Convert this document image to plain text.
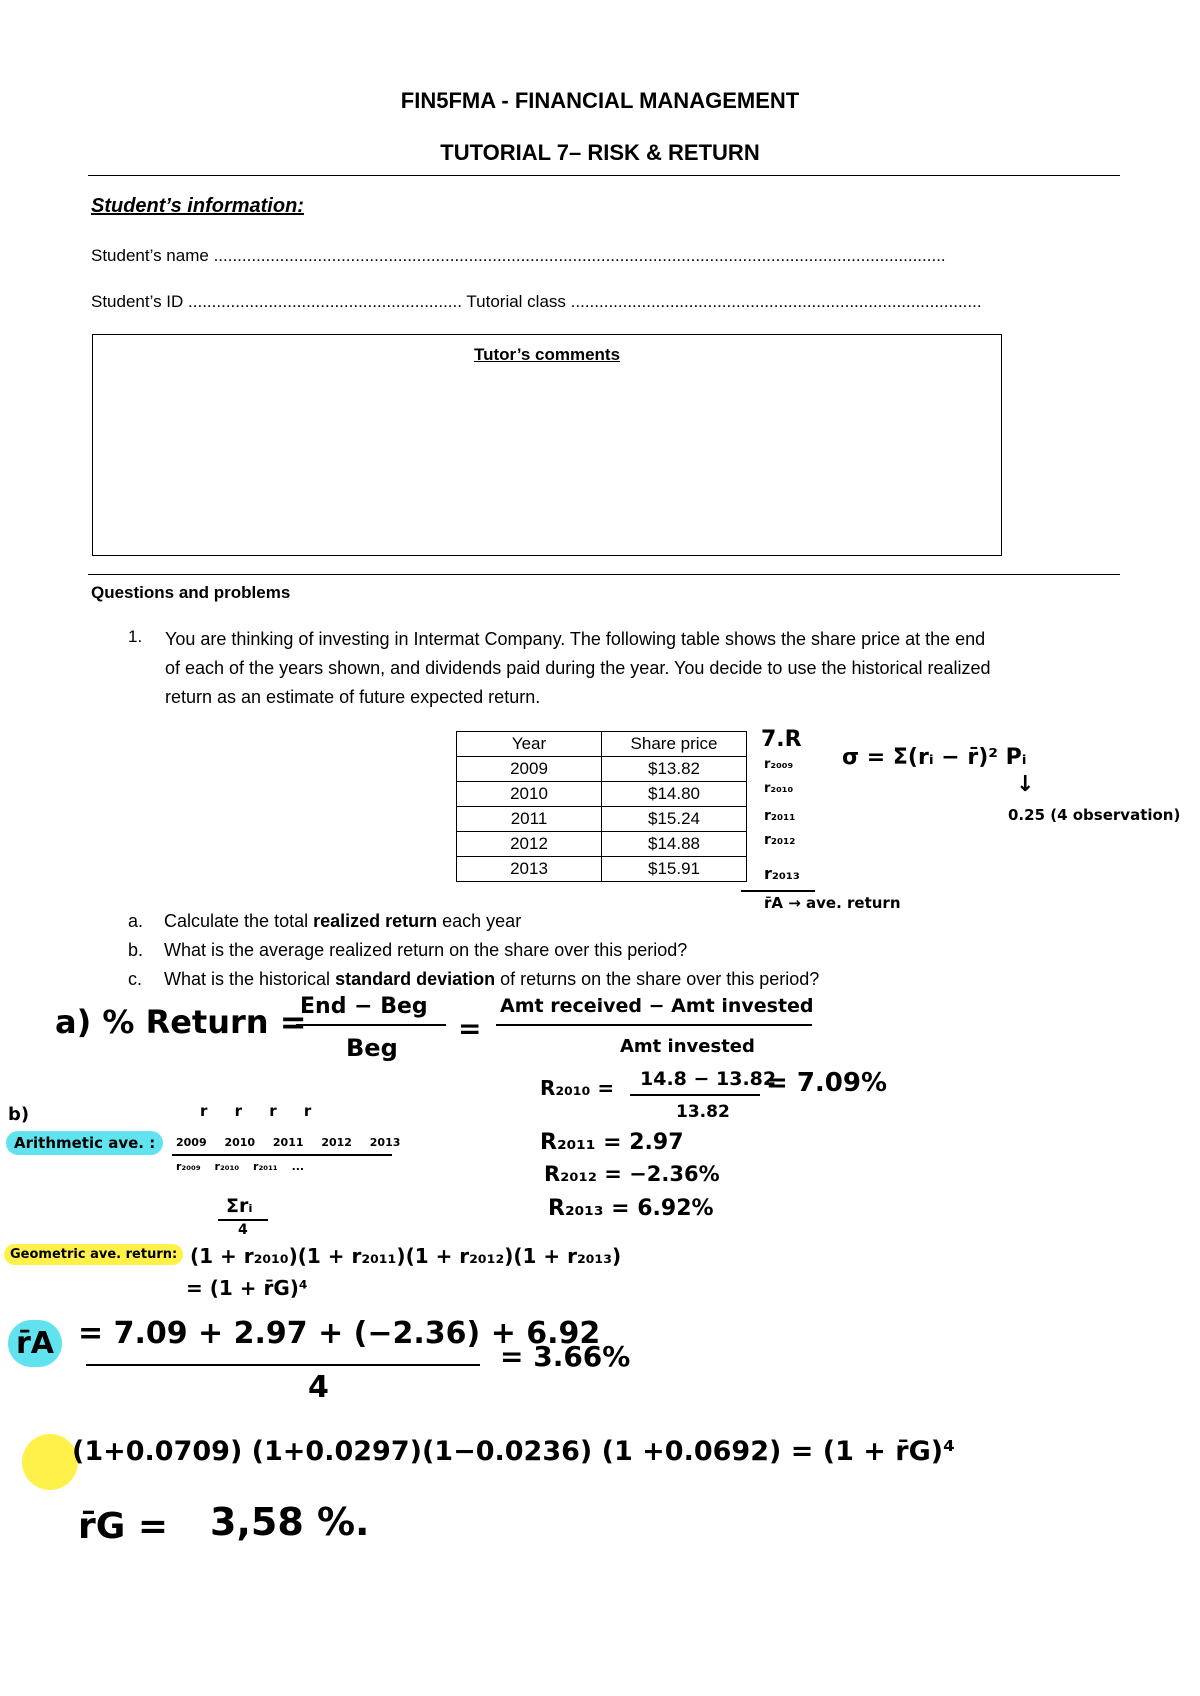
FIN5FMA - FINANCIAL MANAGEMENT
TUTORIAL 7– RISK & RETURN
Student’s information:
Student’s name ...........................................................................................................................................................
Student’s ID .......................................................... Tutorial class .......................................................................................
Tutor’s comments
Questions and problems
1. You are thinking of investing in Intermat Company. The following table shows the share price at the end
of each of the years shown, and dividends paid during the year. You decide to use the historical realized
return as an estimate of future expected return.
Year	Share price
2009	$13.82
2010	$14.80
2011	$15.24
2012	$14.88
2013	$15.91
a. Calculate the total realized return each year
b. What is the average realized return on the share over this period?
c. What is the historical standard deviation of returns on the share over this period?
7.R
r₂₀₀₉
r₂₀₁₀
r₂₀₁₁
r₂₀₁₂
r₂₀₁₃
r̄A → ave. return
σ = Σ(rᵢ − r̄)² Pᵢ
↓
0.25 (4 observation)
a) % Return =
End − Beg
Beg
=
Amt received − Amt invested
Amt invested
R₂₀₁₀ = 14.8 − 13.82
13.82
= 7.09%
R₂₀₁₁ = 2.97
R₂₀₁₂ = −2.36%
R₂₀₁₃ = 6.92%
b)
Arithmetic ave. :
r r r r
2009 2010 2011 2012 2013
r₂₀₀₉ r₂₀₁₀ r₂₀₁₁ ...
Σrᵢ
4
Geometric ave. return: (1 + r₂₀₁₀)(1 + r₂₀₁₁)(1 + r₂₀₁₂)(1 + r₂₀₁₃)
= (1 + r̄G)⁴
r̄A = 7.09 + 2.97 + (−2.36) + 6.92
4
= 3.66%
(1+0.0709) (1+0.0297)(1−0.0236) (1 +0.0692) = (1 + r̄G)⁴
r̄G = 3,58 %.
